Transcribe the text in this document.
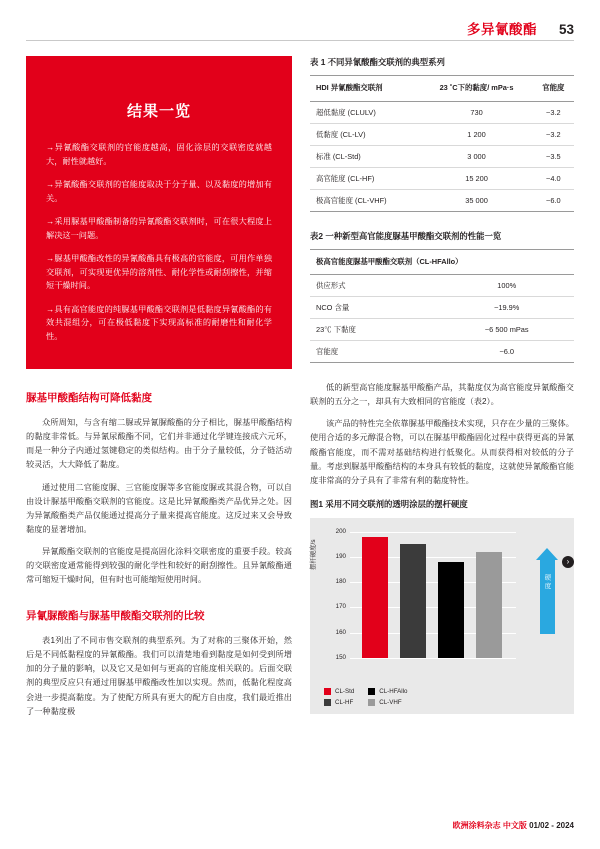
多异氰酸酯 53
结果一览
→异氰酸酯交联剂的官能度越高，固化涂层的交联密度就越大，耐性就越好。
→异氰酸酯交联剂的官能度取决于分子量、以及黏度的增加有关。
→采用脲基甲酸酯制备的异氰酸酯交联剂时，可在很大程度上解决这一问题。
→脲基甲酸酯改性的异氰酸酯具有极高的官能度，可用作单独交联剂，可实现更优异的溶剂性、耐化学性或耐刮擦性，并缩短干燥时间。
→具有高官能度的纯脲基甲酸酯交联剂是低黏度异氰酸酯的有效共混组分，可在极低黏度下实现高标准的耐磨性和耐化学性。
脲基甲酸酯结构可降低黏度

众所周知，与含有缩二脲或异氰脲酸酯的分子相比，脲基甲酸酯结构的黏度非常低。与异氰尿酸酯不同，它们并非通过化学键连接成六元环，而是一种分子内通过氢键稳定的类似结构。由于分子量较低，分子链活动较灵活，大大降低了黏度。

通过使用二官能度脲、三官能度脲等多官能度脲或其混合物，可以自由设计脲基甲酸酯交联剂的官能度。这是比异氰酸酯类产品优异之处。因为异氰酸酯类产品仅能通过提高分子量来提高官能度。这反过来又会导致黏度的显著增加。

异氰酸酯交联剂的官能度是提高固化涂料交联密度的重要手段。较高的交联密度通常能得到较强的耐化学性和较好的耐刮擦性。且异氰酸酯通常可缩短干燥时间，但有时也可能缩短使用时间。

异氰脲酸酯与脲基甲酸酯交联剂的比较

表1列出了不同市售交联剂的典型系列。为了对称的三聚体开始，然后是不同低黏程度的异氰酸酯。我们可以清楚地看到黏度是如何受到所增加的分子量的影响，以及它又是如何与更高的官能度相关联的。后面交联剂的典型反应只有通过用脲基甲酸酯改性加以实现。然而，低黏化程度高会进一步提高黏度。为了使配方所具有更大的配方自由度，我们最近推出了一种黏度极

表 1 不同异氰酸酯交联剂的典型系列
HDI 异氰酸酯交联剂	23 ˚C下的黏度/ mPa·s	官能度
超低黏度 (CLULV)	730	~3.2
低黏度 (CL-LV)	1 200	~3.2
标准 (CL-Std)	3 000	~3.5
高官能度 (CL-HF)	15 200	~4.0
极高官能度 (CL-VHF)	35 000	~6.0
表2 一种新型高官能度脲基甲酸酯交联剂的性能一览
极高官能度脲基甲酸酯交联剂（CL-HFAllo）	
供应形式	100%
NCO 含量	~19.9%
23℃ 下黏度	~6 500 mPas
官能度	~6.0

低的新型高官能度脲基甲酸酯产品，其黏度仅为高官能度异氰酸酯交联剂的五分之一，却具有大致相同的官能度（表2）。

该产品的特性完全依靠脲基甲酸酯技术实现，只存在少量的三聚体。使用合适的多元醇混合物，可以在脲基甲酸酯固化过程中获得更高的异氰酸酯官能度，而不需对基础结构进行低聚化。从而获得相对较低的分子量。考虑到脲基甲酸酯结构的本身具有较低的黏度，这就使异氰酸酯官能度非常高的分子具有了非常有利的黏度特性。

图1 采用不同交联剂的透明涂层的摆杆硬度
摆杆硬度/s
200
190
180
170
160
150
CL-Std
CL-HF
CL-HFAllo
CL-VHF
硬度
›
欧洲涂料杂志 中文版 01/02 - 2024
